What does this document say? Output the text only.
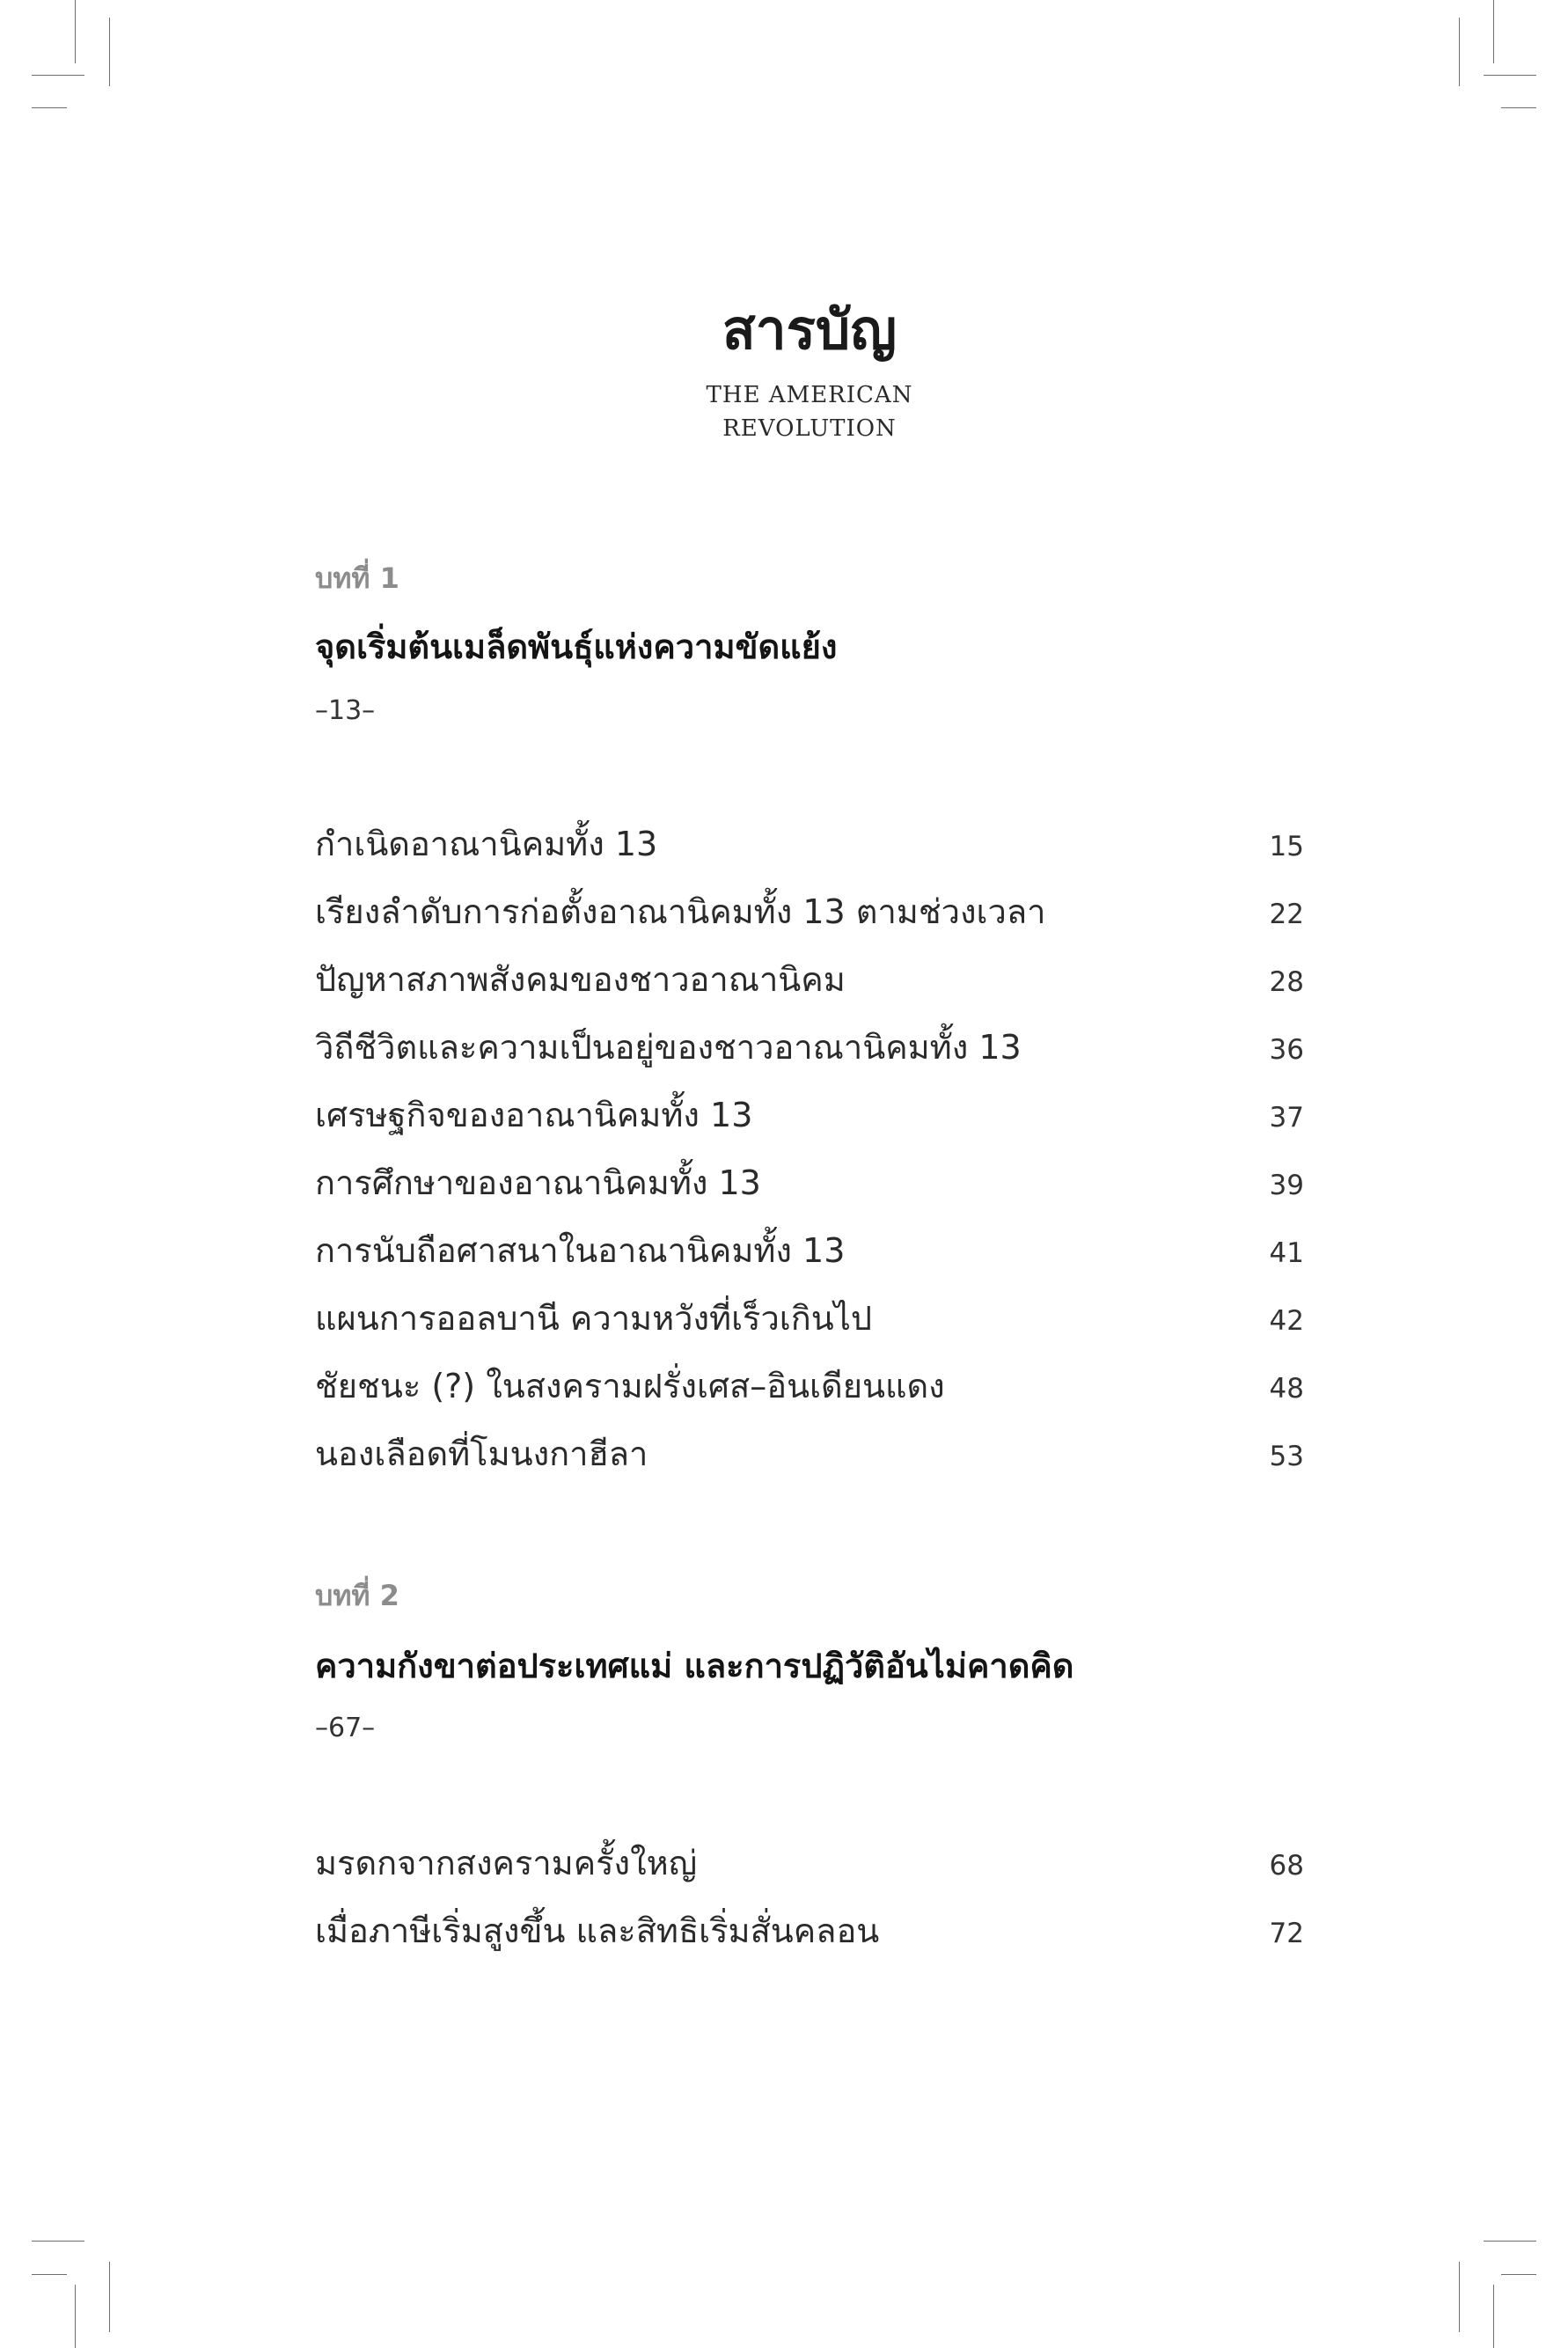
สารบัญ
THE AMERICAN
REVOLUTION
บทที่ 1
จุดเริ่มต้นเมล็ดพันธุ์แห่งความขัดแย้ง
–13–
กำเนิดอาณานิคมทั้ง 13	15
เรียงลำดับการก่อตั้งอาณานิคมทั้ง 13 ตามช่วงเวลา	22
ปัญหาสภาพสังคมของชาวอาณานิคม	28
วิถีชีวิตและความเป็นอยู่ของชาวอาณานิคมทั้ง 13	36
เศรษฐกิจของอาณานิคมทั้ง 13	37
การศึกษาของอาณานิคมทั้ง 13	39
การนับถือศาสนาในอาณานิคมทั้ง 13	41
แผนการออลบานี ความหวังที่เร็วเกินไป	42
ชัยชนะ (?) ในสงครามฝรั่งเศส–อินเดียนแดง	48
นองเลือดที่โมนงกาฮีลา	53
บทที่ 2
ความกังขาต่อประเทศแม่ และการปฏิวัติอันไม่คาดคิด
–67–
มรดกจากสงครามครั้งใหญ่	68
เมื่อภาษีเริ่มสูงขึ้น และสิทธิเริ่มสั่นคลอน	72
